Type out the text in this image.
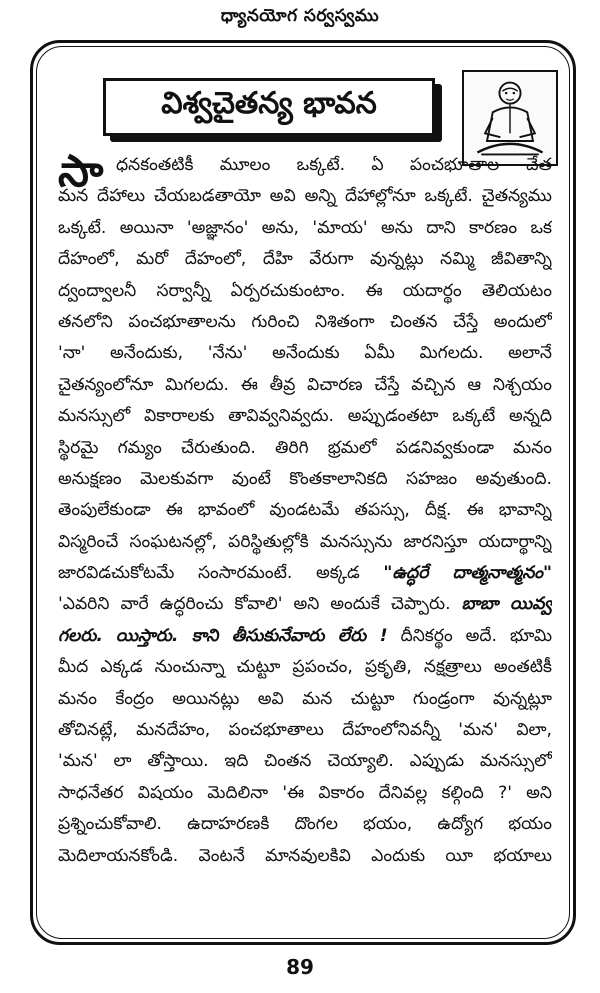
ధ్యానయోగ సర్వస్వము
విశ్వచైతన్య భావన
సా ధనకంతటికీ మూలం ఒక్కటే. ఏ పంచభూతాల చేత
మన దేహాలు చేయబడతాయో అవి అన్ని దేహాల్లోనూ ఒక్కటే. చైతన్యము
ఒక్కటే. అయినా 'అజ్ఞానం' అను, 'మాయ' అను దాని కారణం ఒక
దేహంలో, మరో దేహంలో, దేహి వేరుగా వున్నట్లు నమ్మి జీవితాన్ని
ద్వంద్వాలనీ సర్వాన్నీ ఏర్పరచుకుంటాం. ఈ యదార్థం తెలియటం
తనలోని పంచభూతాలను గురించి నిశితంగా చింతన చేస్తే అందులో
'నా' అనేందుకు, 'నేను' అనేందుకు ఏమీ మిగలదు. అలానే
చైతన్యంలోనూ మిగలదు. ఈ తీవ్ర విచారణ చేస్తే వచ్చిన ఆ నిశ్చయం
మనస్సులో వికారాలకు తావివ్వనివ్వదు. అప్పుడంతటా ఒక్కటే అన్నది
స్థిరమై గమ్యం చేరుతుంది. తిరిగి భ్రమలో పడనివ్వకుండా మనం
అనుక్షణం మెలకువగా వుంటే కొంతకాలానికది సహజం అవుతుంది.
తెంపులేకుండా ఈ భావంలో వుండటమే తపస్సు, దీక్ష. ఈ భావాన్ని
విస్మరించే సంఘటనల్లో, పరిస్థితుల్లోకి మనస్సును జారనిస్తూ యదార్థాన్ని
జారవిడచుకోటమే సంసారమంటే. అక్కడ "ఉద్ధరే దాత్మనాత్మనం"
'ఎవరిని వారే ఉద్ధరించు కోవాలి' అని అందుకే చెప్పారు. బాబా యివ్వ
గలరు. యిస్తారు. కాని తీసుకునేవారు లేరు ! దీనికర్థం అదే. భూమి
మీద ఎక్కడ నుంచున్నా చుట్టూ ప్రపంచం, ప్రకృతి, నక్షత్రాలు అంతటికీ
మనం కేంద్రం అయినట్లు అవి మన చుట్టూ గుండ్రంగా వున్నట్లూ
తోచినట్లే, మనదేహం, పంచభూతాలు దేహంలోనివన్నీ 'మన' విలా,
'మన' లా తోస్తాయి. ఇది చింతన చెయ్యాలి. ఎప్పుడు మనస్సులో
సాధనేతర విషయం మెదిలినా 'ఈ వికారం దేనివల్ల కల్గింది ?' అని
ప్రశ్నించుకోవాలి. ఉదాహరణకి దొంగల భయం, ఉద్యోగ భయం
మెదిలాయనకోండి. వెంటనే మానవులకివి ఎందుకు యీ భయాలు
89
